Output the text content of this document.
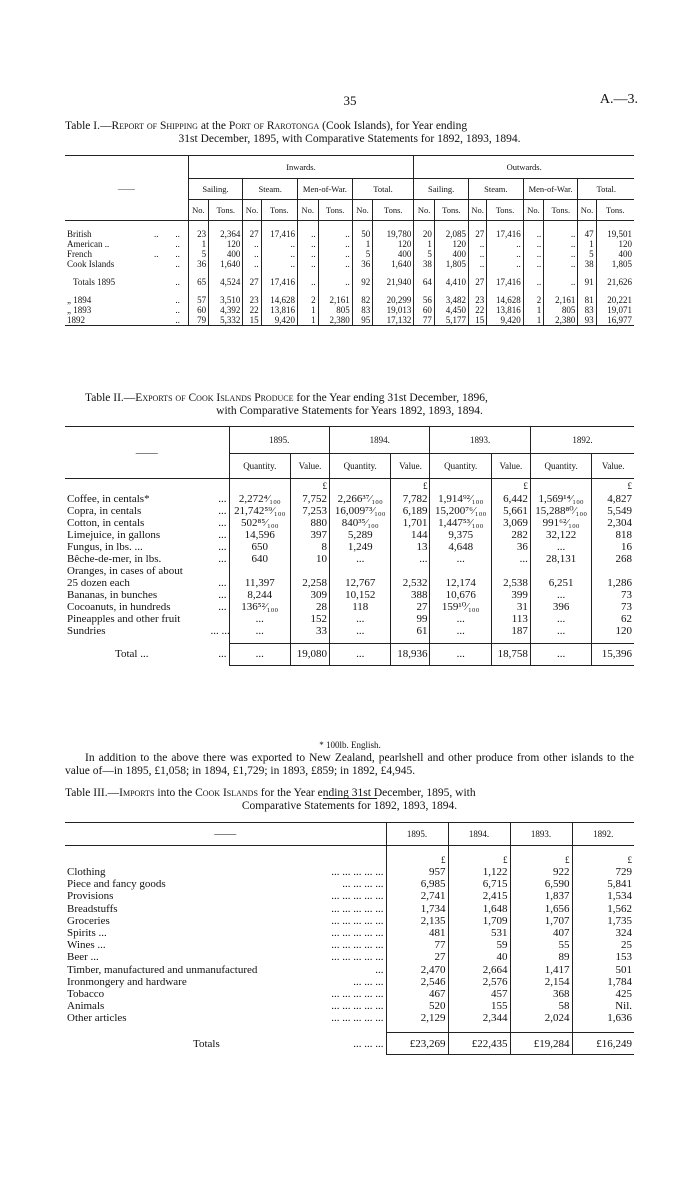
35	A.—3.
Table I.—Report of Shipping at the Port of Rarotonga (Cook Islands), for Year ending
31st December, 1895, with Comparative Statements for 1892, 1893, 1894.
——			Inwards.								Outwards.							
			Sailing.		Steam.		Men-of-War.		Total.		Sailing.		Steam.		Men-of-War.		Total.	
			No.	Tons.	No.	Tons.	No.	Tons.	No.	Tons.	No.	Tons.	No.	Tons.	No.	Tons.	No.	Tons.

British	..	..	23	2,364	27	17,416	..	..	50	19,780	20	2,085	27	17,416	..	..	47	19,501
American ..		..	1	120	..	..	..	..	1	120	1	120	..	..	..	..	1	120
French	..	..	5	400	..	..	..	..	5	400	5	400	..	..	..	..	5	400
Cook Islands		..	36	1,640	..	..	..	..	36	1,640	38	1,805	..	..	..	..	38	1,805

Totals 1895		..	65	4,524	27	17,416	..	..	92	21,940	64	4,410	27	17,416	..	..	91	21,626

„ 1894		..	57	3,510	23	14,628	2	2,161	82	20,299	56	3,482	23	14,628	2	2,161	81	20,221
„ 1893		..	60	4,392	22	13,816	1	805	83	19,013	60	4,450	22	13,816	1	805	83	19,071
1892		..	79	5,332	15	9,420	1	2,380	95	17,132	77	5,177	15	9,420	1	2,380	93	16,977
Table II.—Exports of Cook Islands Produce for the Year ending 31st December, 1896,
with Comparative Statements for Years 1892, 1893, 1894.
——		1895.		1894.		1893.		1892.	
		Quantity.	Value.	Quantity.	Value.	Quantity.	Value.	Quantity.	Value.
			£		£		£		£
Coffee, in centals*	...	2,272⁴⁄₁₀₀	7,752	2,266³⁷⁄₁₀₀	7,782	1,914⁹²⁄₁₀₀	6,442	1,569¹⁴⁄₁₀₀	4,827
Copra, in centals	...	21,742⁵⁹⁄₁₀₀	7,253	16,009⁷³⁄₁₀₀	6,189	15,200⁷⁶⁄₁₀₀	5,661	15,288⁸⁰⁄₁₀₀	5,549
Cotton, in centals	...	502⁸⁵⁄₁₀₀	880	840³⁵⁄₁₀₀	1,701	1,447⁵³⁄₁₀₀	3,069	991⁶²⁄₁₀₀	2,304
Limejuice, in gallons	...	14,596	397	5,289	144	9,375	282	32,122	818
Fungus, in lbs. ...	...	650	8	1,249	13	4,648	36	...	16
Bêche-de-mer, in lbs.	...	640	10	...	...	...	...	28,131	268
Oranges, in cases of about									
25 dozen each	...	11,397	2,258	12,767	2,532	12,174	2,538	6,251	1,286
Bananas, in bunches	...	8,244	309	10,152	388	10,676	399	...	73
Cocoanuts, in hundreds	...	136⁵²⁄₁₀₀	28	118	27	159¹⁰⁄₁₀₀	31	396	73
Pineapples and other fruit		...	152	...	99	...	113	...	62
Sundries	... ...	...	33	...	61	...	187	...	120

Total ...	...	...	19,080	...	18,936	...	18,758	...	15,396
* 100lb. English.
In addition to the above there was exported to New Zealand, pearlshell and other produce from other islands to the value of—in 1895, £1,058; in 1894, £1,729; in 1893, £859; in 1892, £4,945.
Table III.—Imports into the Cook Islands for the Year ending 31st December, 1895, with
Comparative Statements for 1892, 1893, 1894.
——		1895.	1894.	1893.	1892.
		£	£	£	£
Clothing	... ... ... ... ...	957	1,122	922	729
Piece and fancy goods	... ... ... ...	6,985	6,715	6,590	5,841
Provisions	... ... ... ... ...	2,741	2,415	1,837	1,534
Breadstuffs	... ... ... ... ...	1,734	1,648	1,656	1,562
Groceries	... ... ... ... ...	2,135	1,709	1,707	1,735
Spirits ...	... ... ... ... ...	481	531	407	324
Wines ...	... ... ... ... ...	77	59	55	25
Beer ...	... ... ... ... ...	27	40	89	153
Timber, manufactured and unmanufactured	...	2,470	2,664	1,417	501
Ironmongery and hardware	... ... ...	2,546	2,576	2,154	1,784
Tobacco	... ... ... ... ...	467	457	368	425
Animals	... ... ... ... ...	520	155	58	Nil.
Other articles	... ... ... ... ...	2,129	2,344	2,024	1,636

Totals	... ... ...	£23,269	£22,435	£19,284	£16,249
